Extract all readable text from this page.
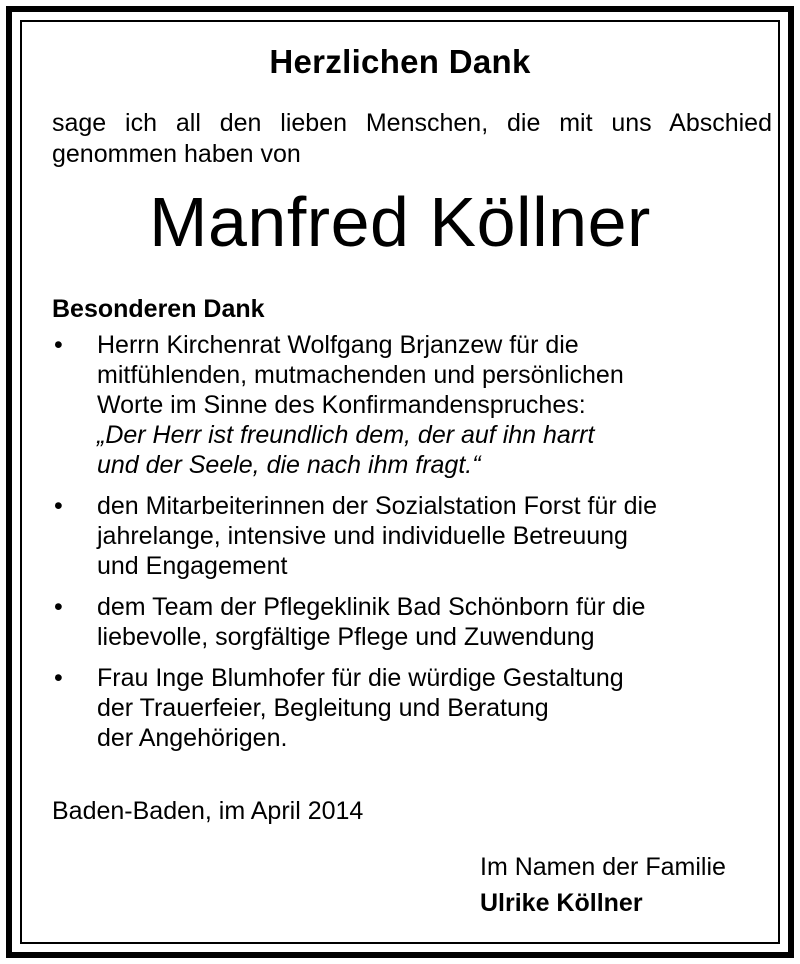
Herzlichen Dank
sage ich all den lieben Menschen, die mit uns Abschied
genommen haben von
Manfred Köllner
Besonderen Dank
• Herrn Kirchenrat Wolfgang Brjanzew für die
mitfühlenden, mutmachenden und persönlichen
Worte im Sinne des Konfirmandenspruches:
„Der Herr ist freundlich dem, der auf ihn harrt
und der Seele, die nach ihm fragt.“
• den Mitarbeiterinnen der Sozialstation Forst für die
jahrelange, intensive und individuelle Betreuung
und Engagement
• dem Team der Pflegeklinik Bad Schönborn für die
liebevolle, sorgfältige Pflege und Zuwendung
• Frau Inge Blumhofer für die würdige Gestaltung
der Trauerfeier, Begleitung und Beratung
der Angehörigen.
Baden-Baden, im April 2014
Im Namen der Familie
Ulrike Köllner
